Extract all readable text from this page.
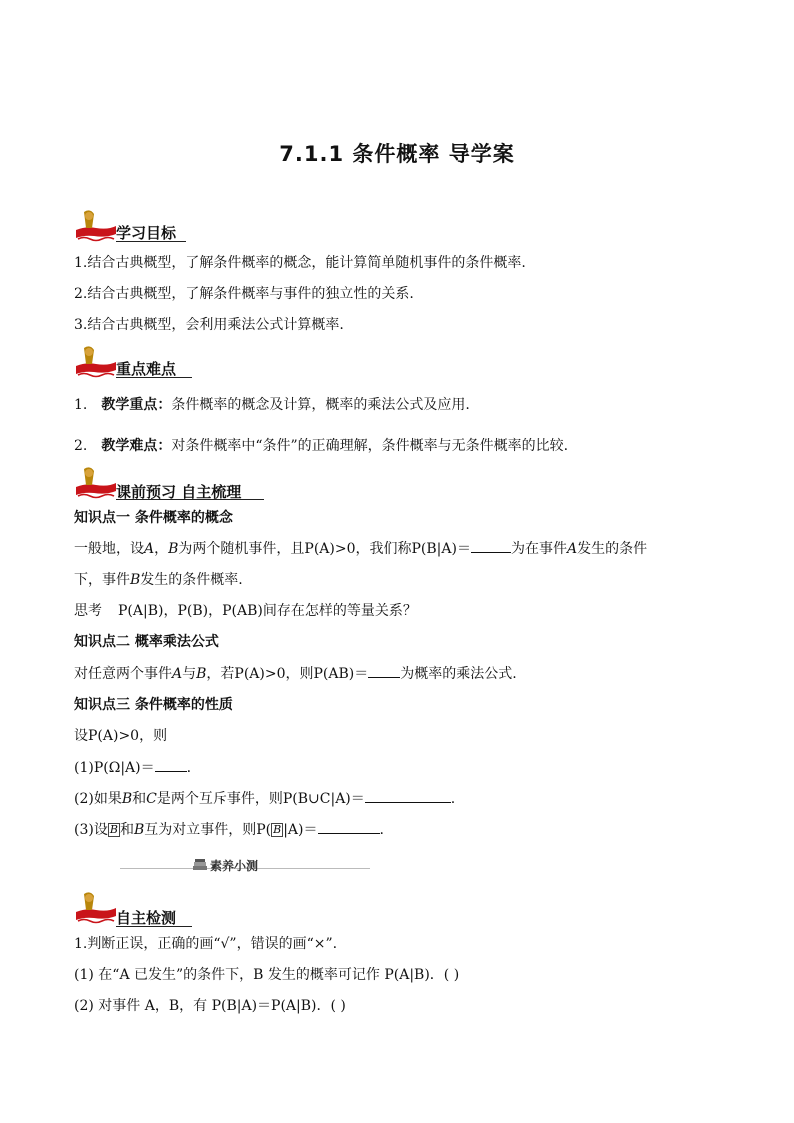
7.1.1 条件概率 导学案
学习目标
1.结合古典概型，了解条件概率的概念，能计算简单随机事件的条件概率.
2.结合古典概型，了解条件概率与事件的独立性的关系.
3.结合古典概型，会利用乘法公式计算概率.
重点难点
1. 教学重点：条件概率的概念及计算，概率的乘法公式及应用.
2. 教学难点：对条件概率中“条件”的正确理解，条件概率与无条件概率的比较.
课前预习 自主梳理
知识点一 条件概率的概念
一般地，设A，B为两个随机事件，且P(A)>0，我们称P(B|A)＝	为在事件A发生的条件
下，事件B发生的条件概率.
思考 P(A|B)，P(B)，P(AB)间存在怎样的等量关系？
知识点二 概率乘法公式
对任意两个事件A与B，若P(A)>0，则P(AB)＝ 为概率的乘法公式.
知识点三 条件概率的性质
设P(A)>0，则
(1)P(Ω|A)＝ .
(2)如果B和C是两个互斥事件，则P(B∪C|A)＝	.
(3)设 B 和B互为对立事件，则P( B |A)＝	.
素养小测
自主检测
1.判断正误，正确的画“√”，错误的画“×”.
(1) 在“A 已发生”的条件下，B 发生的概率可记作 P(A|B)．( )
(2) 对事件 A，B，有 P(B|A)＝P(A|B)．( )
